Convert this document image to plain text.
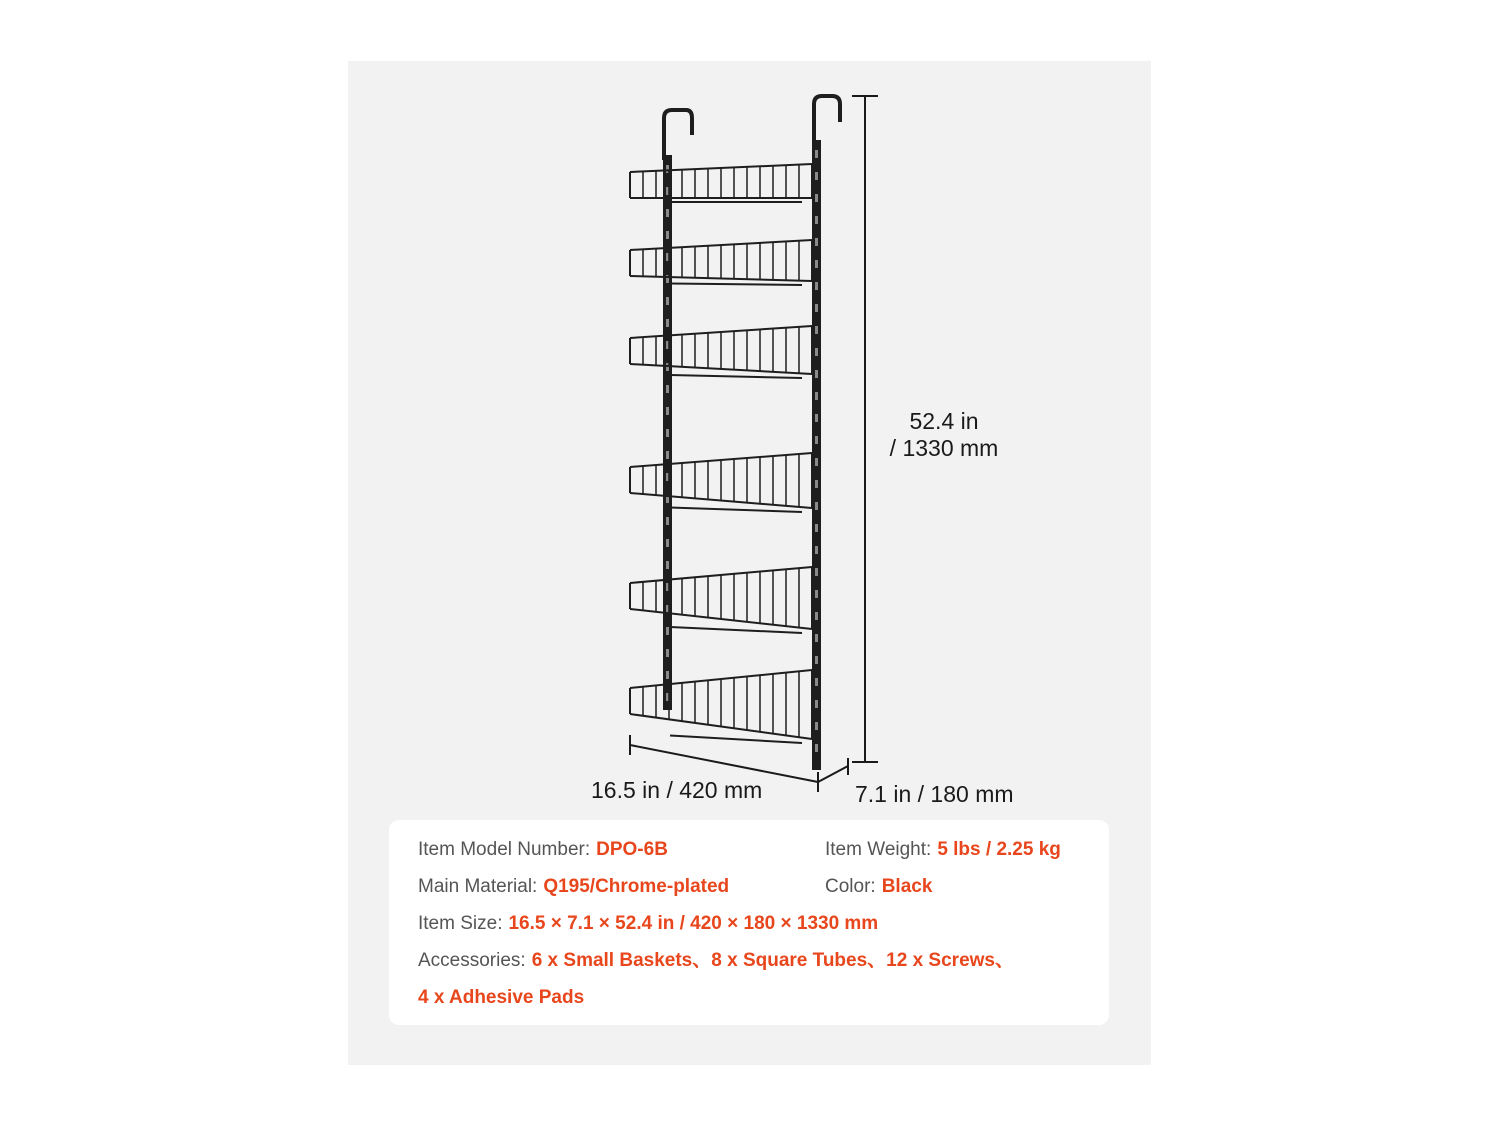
52.4 in
/ 1330 mm
16.5 in / 420 mm	7.1 in / 180 mm
Item Model Number: DPO-6B	Item Weight: 5 lbs / 2.25 kg
Main Material: Q195/Chrome-plated	Color: Black
Item Size: 16.5 × 7.1 × 52.4 in / 420 × 180 × 1330 mm
Accessories: 6 x Small Baskets、8 x Square Tubes、12 x Screws、
4 x Adhesive Pads
